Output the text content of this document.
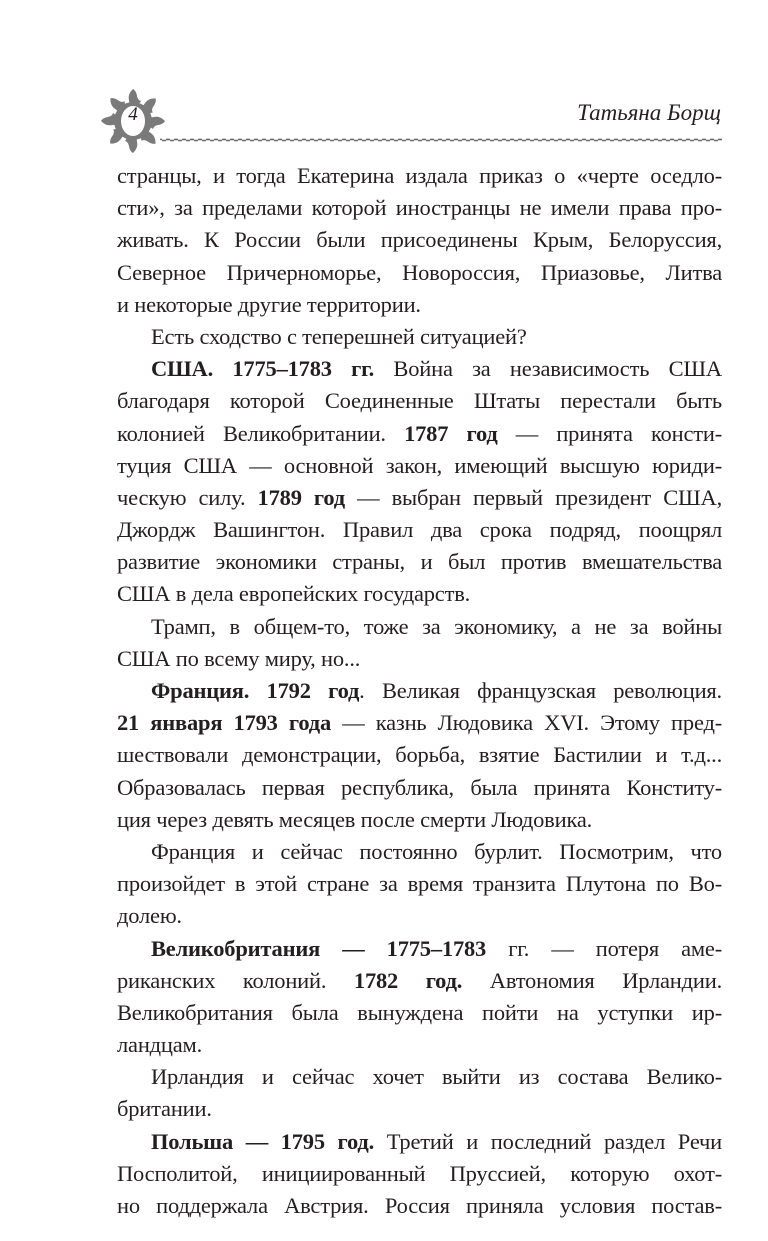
4	Татьяна Борщ
странцы, и тогда Екатерина издала приказ о «черте оседло-
сти», за пределами которой иностранцы не имели права про-
живать. К России были присоединены Крым, Белоруссия,
Северное Причерноморье, Новороссия, Приазовье, Литва
и некоторые другие территории.
Есть сходство с теперешней ситуацией?
США. 1775–1783 гг. Война за независимость США
благодаря которой Соединенные Штаты перестали быть
колонией Великобритании. 1787 год — принята консти-
туция США — основной закон, имеющий высшую юриди-
ческую силу. 1789 год — выбран первый президент США,
Джордж Вашингтон. Правил два срока подряд, поощрял
развитие экономики страны, и был против вмешательства
США в дела европейских государств.
Трамп, в общем-то, тоже за экономику, а не за войны
США по всему миру, но...
Франция. 1792 год. Великая французская революция.
21 января 1793 года — казнь Людовика XVI. Этому пред-
шествовали демонстрации, борьба, взятие Бастилии и т.д...
Образовалась первая республика, была принята Конститу-
ция через девять месяцев после смерти Людовика.
Франция и сейчас постоянно бурлит. Посмотрим, что
произойдет в этой стране за время транзита Плутона по Во-
долею.
Великобритания — 1775–1783 гг. — потеря аме-
риканских колоний. 1782 год. Автономия Ирландии.
Великобритания была вынуждена пойти на уступки ир-
ландцам.
Ирландия и сейчас хочет выйти из состава Велико-
британии.
Польша — 1795 год. Третий и последний раздел Речи
Посполитой, инициированный Пруссией, которую охот-
но поддержала Австрия. Россия приняла условия постав-
